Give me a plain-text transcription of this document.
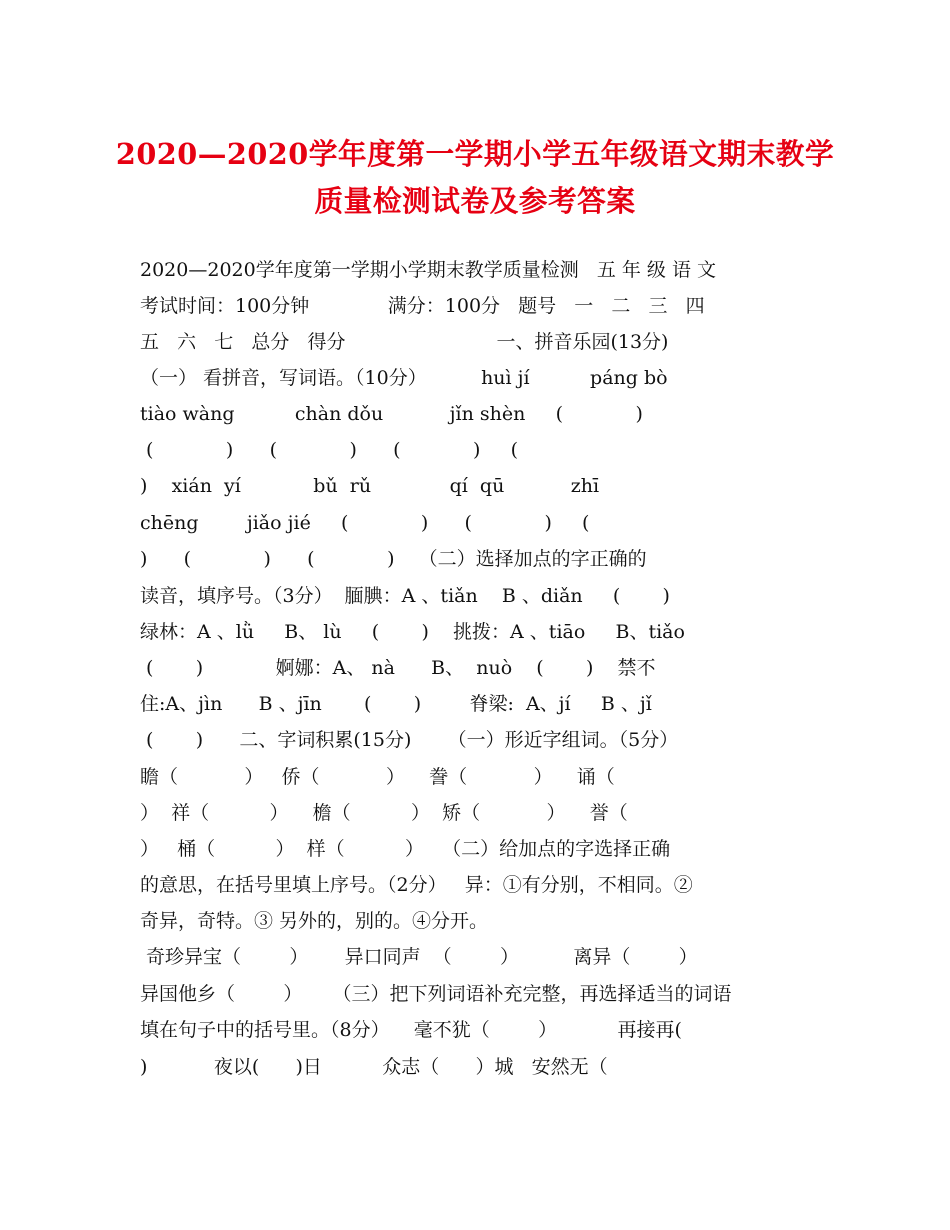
2020—2020学年度第一学期小学五年级语文期末教学
质量检测试卷及参考答案
2020—2020学年度第一学期小学期末教学质量检测   五 年 级 语 文
考试时间：100分钟             满分：100分   题号   一   二   三   四
五   六   七   总分   得分                         一、拼音乐园(13分)
（一） 看拼音，写词语。（10分）         huì jí          páng bò
tiào wàng          chàn dǒu           jǐn shèn     (            )
(            )      (            )      (            )     (
)    xián  yí            bǔ  rǔ             qí  qū           zhī
chēng        jiǎo jié     (            )      (            )     (
)      (            )      (            )    （二）选择加点的字正确的
读音，填序号。（3分）  腼腆：A 、tiǎn    B 、diǎn     (       )
绿林：A 、lǜ     B、 lù     (       )    挑拨：A 、tiāo     B、tiǎo
(       )            婀娜：A、 nà      B、  nuò    (       )    禁不
住:A、jìn      B 、jīn       (       )        脊梁:  A、jí     B 、jǐ
(       )      二、字词积累(15分)      （一）形近字组词。（5分）
瞻（           ）   侨（           ）    誊（           ）    诵（
）  祥（          ）    檐（          ）  矫（           ）    誉（
）   桶（          ）  样（          ）   （二）给加点的字选择正确
的意思，在括号里填上序号。（2分）   异：①有分别，不相同。②
奇异，奇特。③ 另外的，别的。④分开。
奇珍异宝（        ）      异口同声  （        ）         离异（        ）
异国他乡（        ）     （三）把下列词语补充完整，再选择适当的词语
填在句子中的括号里。（8分）    毫不犹（        ）          再接再(
)           夜以(      )日          众志（      ）城   安然无（
